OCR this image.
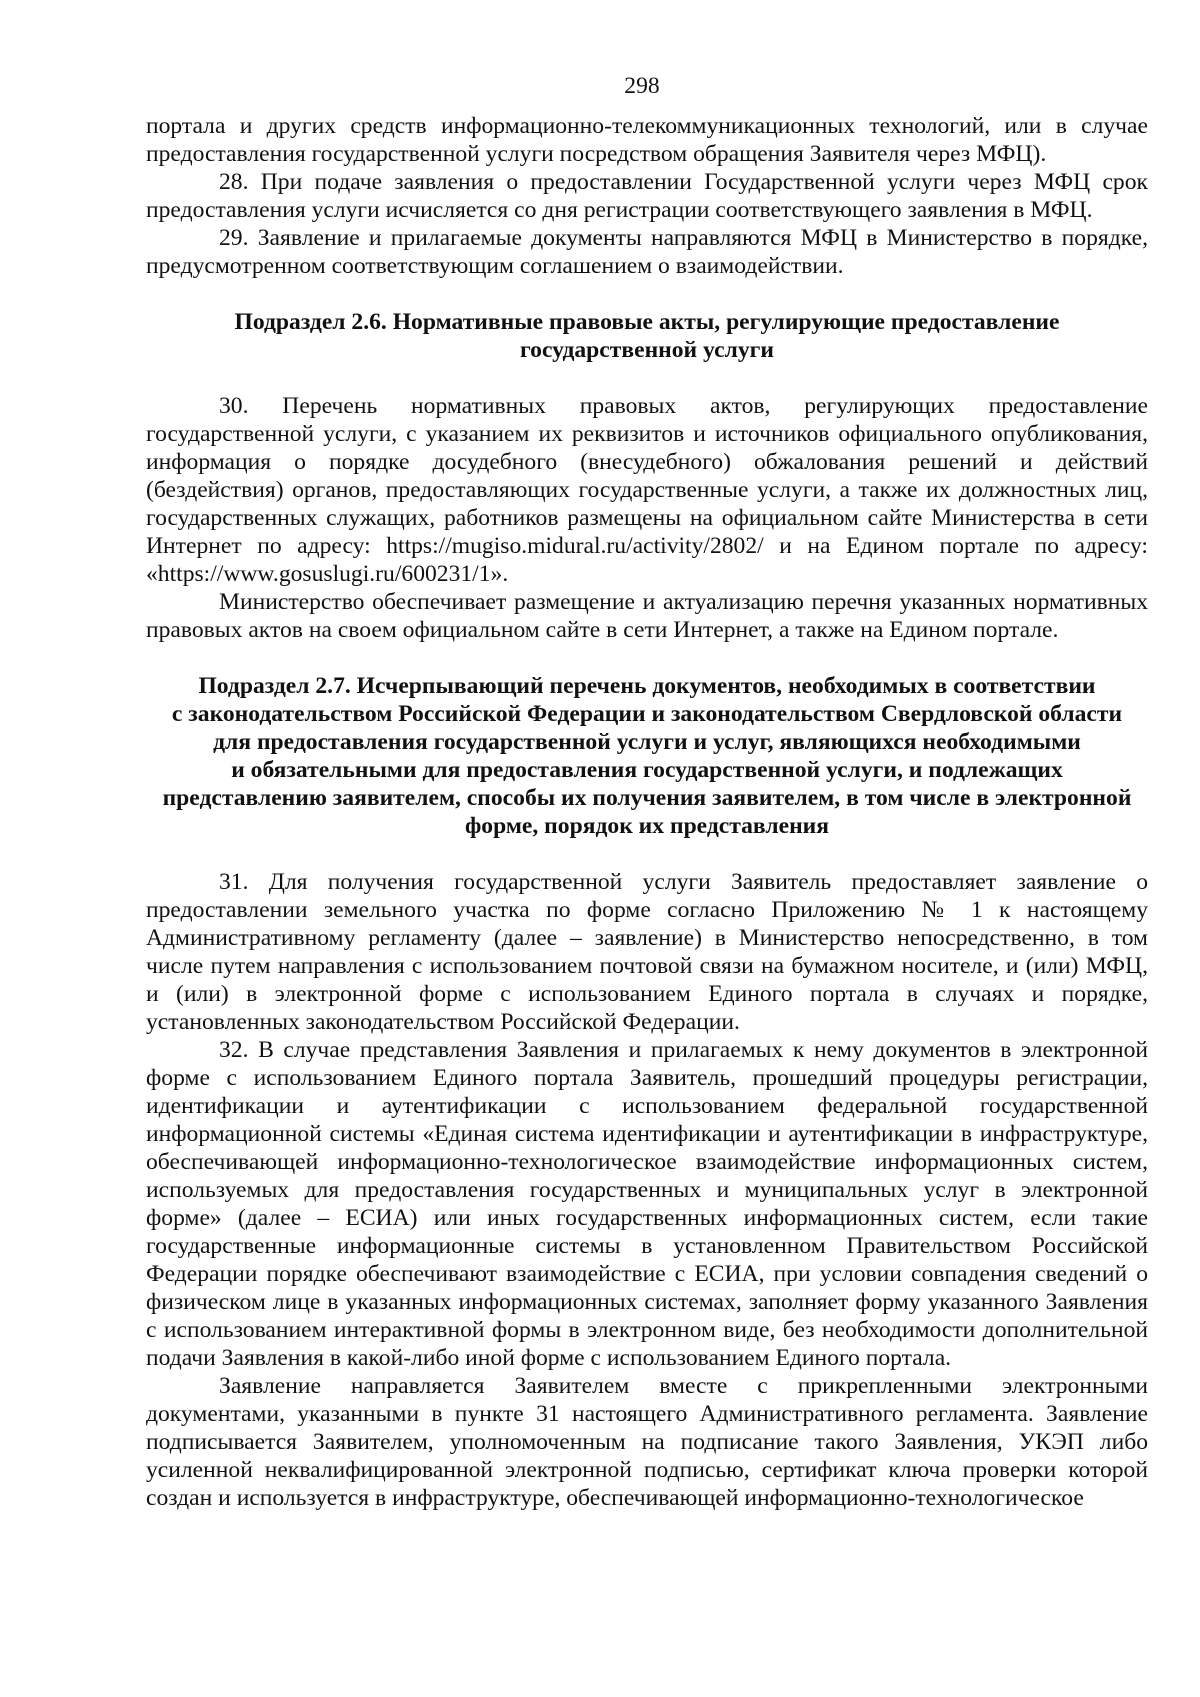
298

портала и других средств информационно-телекоммуникационных технологий, или в случае предоставления государственной услуги посредством обращения Заявителя через МФЦ).

28. При подаче заявления о предоставлении Государственной услуги через МФЦ срок предоставления услуги исчисляется со дня регистрации соответствующего заявления в МФЦ.

29. Заявление и прилагаемые документы направляются МФЦ в Министерство в порядке, предусмотренном соответствующим соглашением о взаимодействии.

Подраздел 2.6. Нормативные правовые акты, регулирующие предоставление
государственной услуги

30. Перечень нормативных правовых актов, регулирующих предоставление государственной услуги, с указанием их реквизитов и источников официального опубликования, информация о порядке досудебного (внесудебного) обжалования решений и действий (бездействия) органов, предоставляющих государственные услуги, а также их должностных лиц, государственных служащих, работников размещены на официальном сайте Министерства в сети Интернет по адресу: https://mugiso.midural.ru/activity/2802/ и на Едином портале по адресу: «https://www.gosuslugi.ru/600231/1».

Министерство обеспечивает размещение и актуализацию перечня указанных нормативных правовых актов на своем официальном сайте в сети Интернет, а также на Едином портале.

Подраздел 2.7. Исчерпывающий перечень документов, необходимых в соответствии
с законодательством Российской Федерации и законодательством Свердловской области
для предоставления государственной услуги и услуг, являющихся необходимыми
и обязательными для предоставления государственной услуги, и подлежащих
представлению заявителем, способы их получения заявителем, в том числе в электронной
форме, порядок их представления

31. Для получения государственной услуги Заявитель предоставляет заявление о предоставлении земельного участка по форме согласно Приложению № 1 к настоящему Административному регламенту (далее – заявление) в Министерство непосредственно, в том числе путем направления с использованием почтовой связи на бумажном носителе, и (или) МФЦ, и (или) в электронной форме с использованием Единого портала в случаях и порядке, установленных законодательством Российской Федерации.

32. В случае представления Заявления и прилагаемых к нему документов в электронной форме с использованием Единого портала Заявитель, прошедший процедуры регистрации, идентификации и аутентификации с использованием федеральной государственной информационной системы «Единая система идентификации и аутентификации в инфраструктуре, обеспечивающей информационно-технологическое взаимодействие информационных систем, используемых для предоставления государственных и муниципальных услуг в электронной форме» (далее – ЕСИА) или иных государственных информационных систем, если такие государственные информационные системы в установленном Правительством Российской Федерации порядке обеспечивают взаимодействие с ЕСИА, при условии совпадения сведений о физическом лице в указанных информационных системах, заполняет форму указанного Заявления с использованием интерактивной формы в электронном виде, без необходимости дополнительной подачи Заявления в какой-либо иной форме с использованием Единого портала.

Заявление направляется Заявителем вместе с прикрепленными электронными документами, указанными в пункте 31 настоящего Административного регламента. Заявление подписывается Заявителем, уполномоченным на подписание такого Заявления, УКЭП либо усиленной неквалифицированной электронной подписью, сертификат ключа проверки которой создан и используется в инфраструктуре, обеспечивающей информационно-технологическое
